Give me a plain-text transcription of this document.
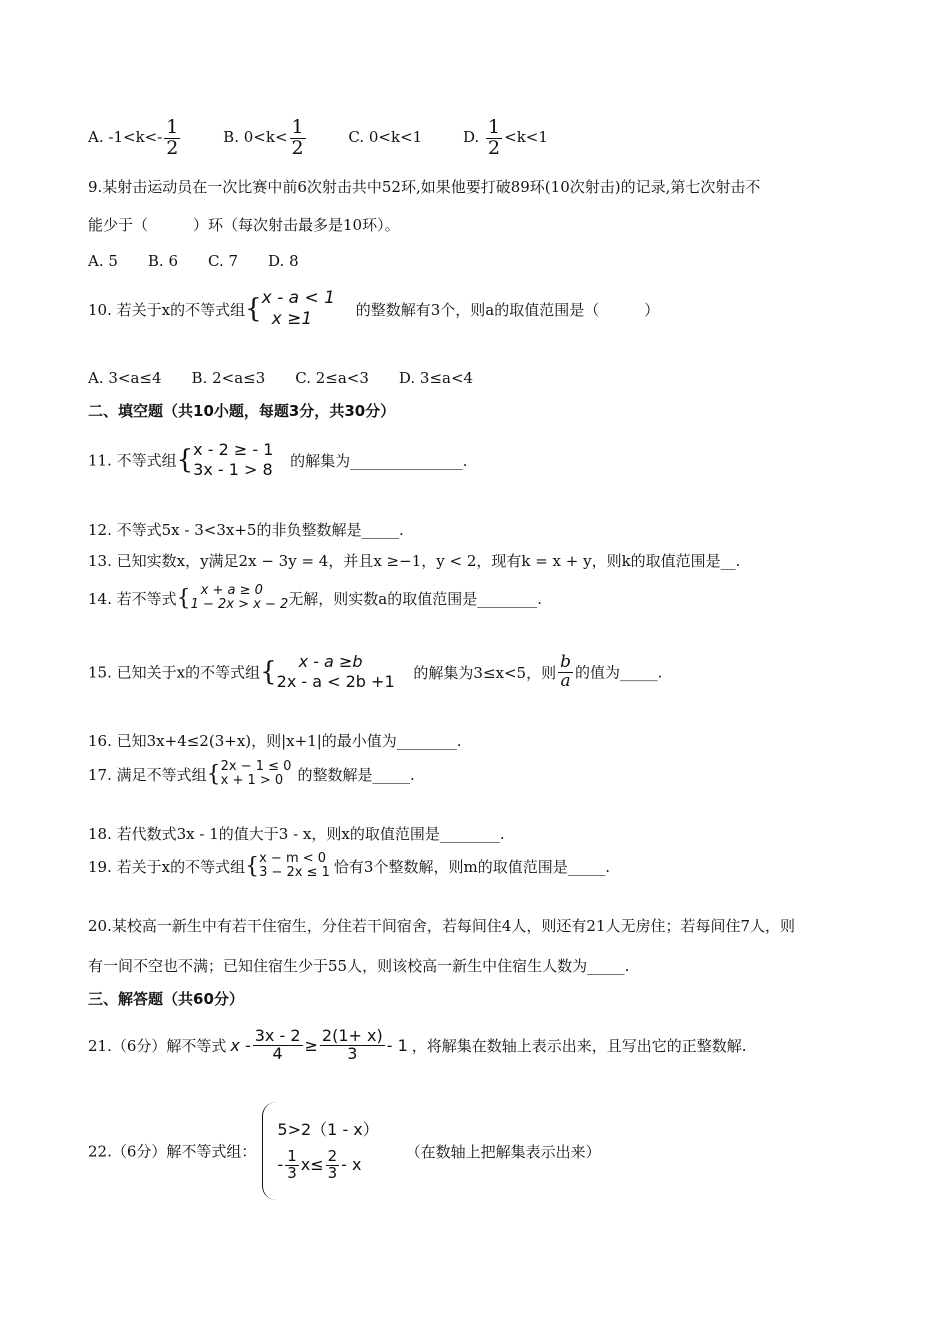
A. $-1<k<- \frac{1}{2}$	B. $0<k< \frac{1}{2}$	C. 0<k<1	D. $\frac{1}{2} <k<1$
9.某射击运动员在一次比赛中前6次射击共中52环,如果他要打破89环(10次射击)的记录,第七次射击不
能少于（　　　）环（每次射击最多是10环）。
A. 5　　B. 6　　C. 7　　D. 8
10. 若关于x的不等式组{ x - a < 1
x ≥1	的整数解有3个，则a的取值范围是（　　　）
A. 3<a≤4　　B. 2<a≤3　　C. 2≤a<3　　D. 3≤a<4
二、填空题（共10小题，每题3分，共30分）
11. 不等式组{ x - 2 ≥ - 1
3x - 1 > 8 的解集为_______________.
12. 不等式5x - 3<3x+5的非负整数解是_____.
13. 已知实数x，y满足2x − 3y = 4，并且x ≥−1，y < 2，现有k = x + y，则k的取值范围是__.
14. 若不等式{ x + a ≥ 0
1 − 2x > x − 2 无解，则实数a的取值范围是________.
15. 已知关于x的不等式组{	x - a ≥b
2x - a < 2b +1 的解集为3≤x<5，则 $\frac{b}{a}$ 的值为_____.
16. 已知3x+4≤2(3+x)，则|x+1|的最小值为________.
17. 满足不等式组{ 2x − 1 ≤ 0
x + 1 > 0 的整数解是_____.
18. 若代数式3x - 1的值大于3 - x，则x的取值范围是________.
19. 若关于x的不等式组{ x − m < 0
3 − 2x ≤ 1 恰有3个整数解，则m的取值范围是_____.
20.某校高一新生中有若干住宿生，分住若干间宿舍，若每间住4人，则还有21人无房住；若每间住7人，则
有一间不空也不满；已知住宿生少于55人，则该校高一新生中住宿生人数为_____.
三、解答题（共60分）
21.（6分）解不等式 $x - \frac{3x - 2}{4} \ge \frac{2(1+ x)}{3} - 1$ ，将解集在数轴上表示出来，且写出它的正整数解.
22.（6分）解不等式组：
5>2（1 - x）
- $\frac{1}{3} x\le \frac{2}{3} - x$
（在数轴上把解集表示出来）
